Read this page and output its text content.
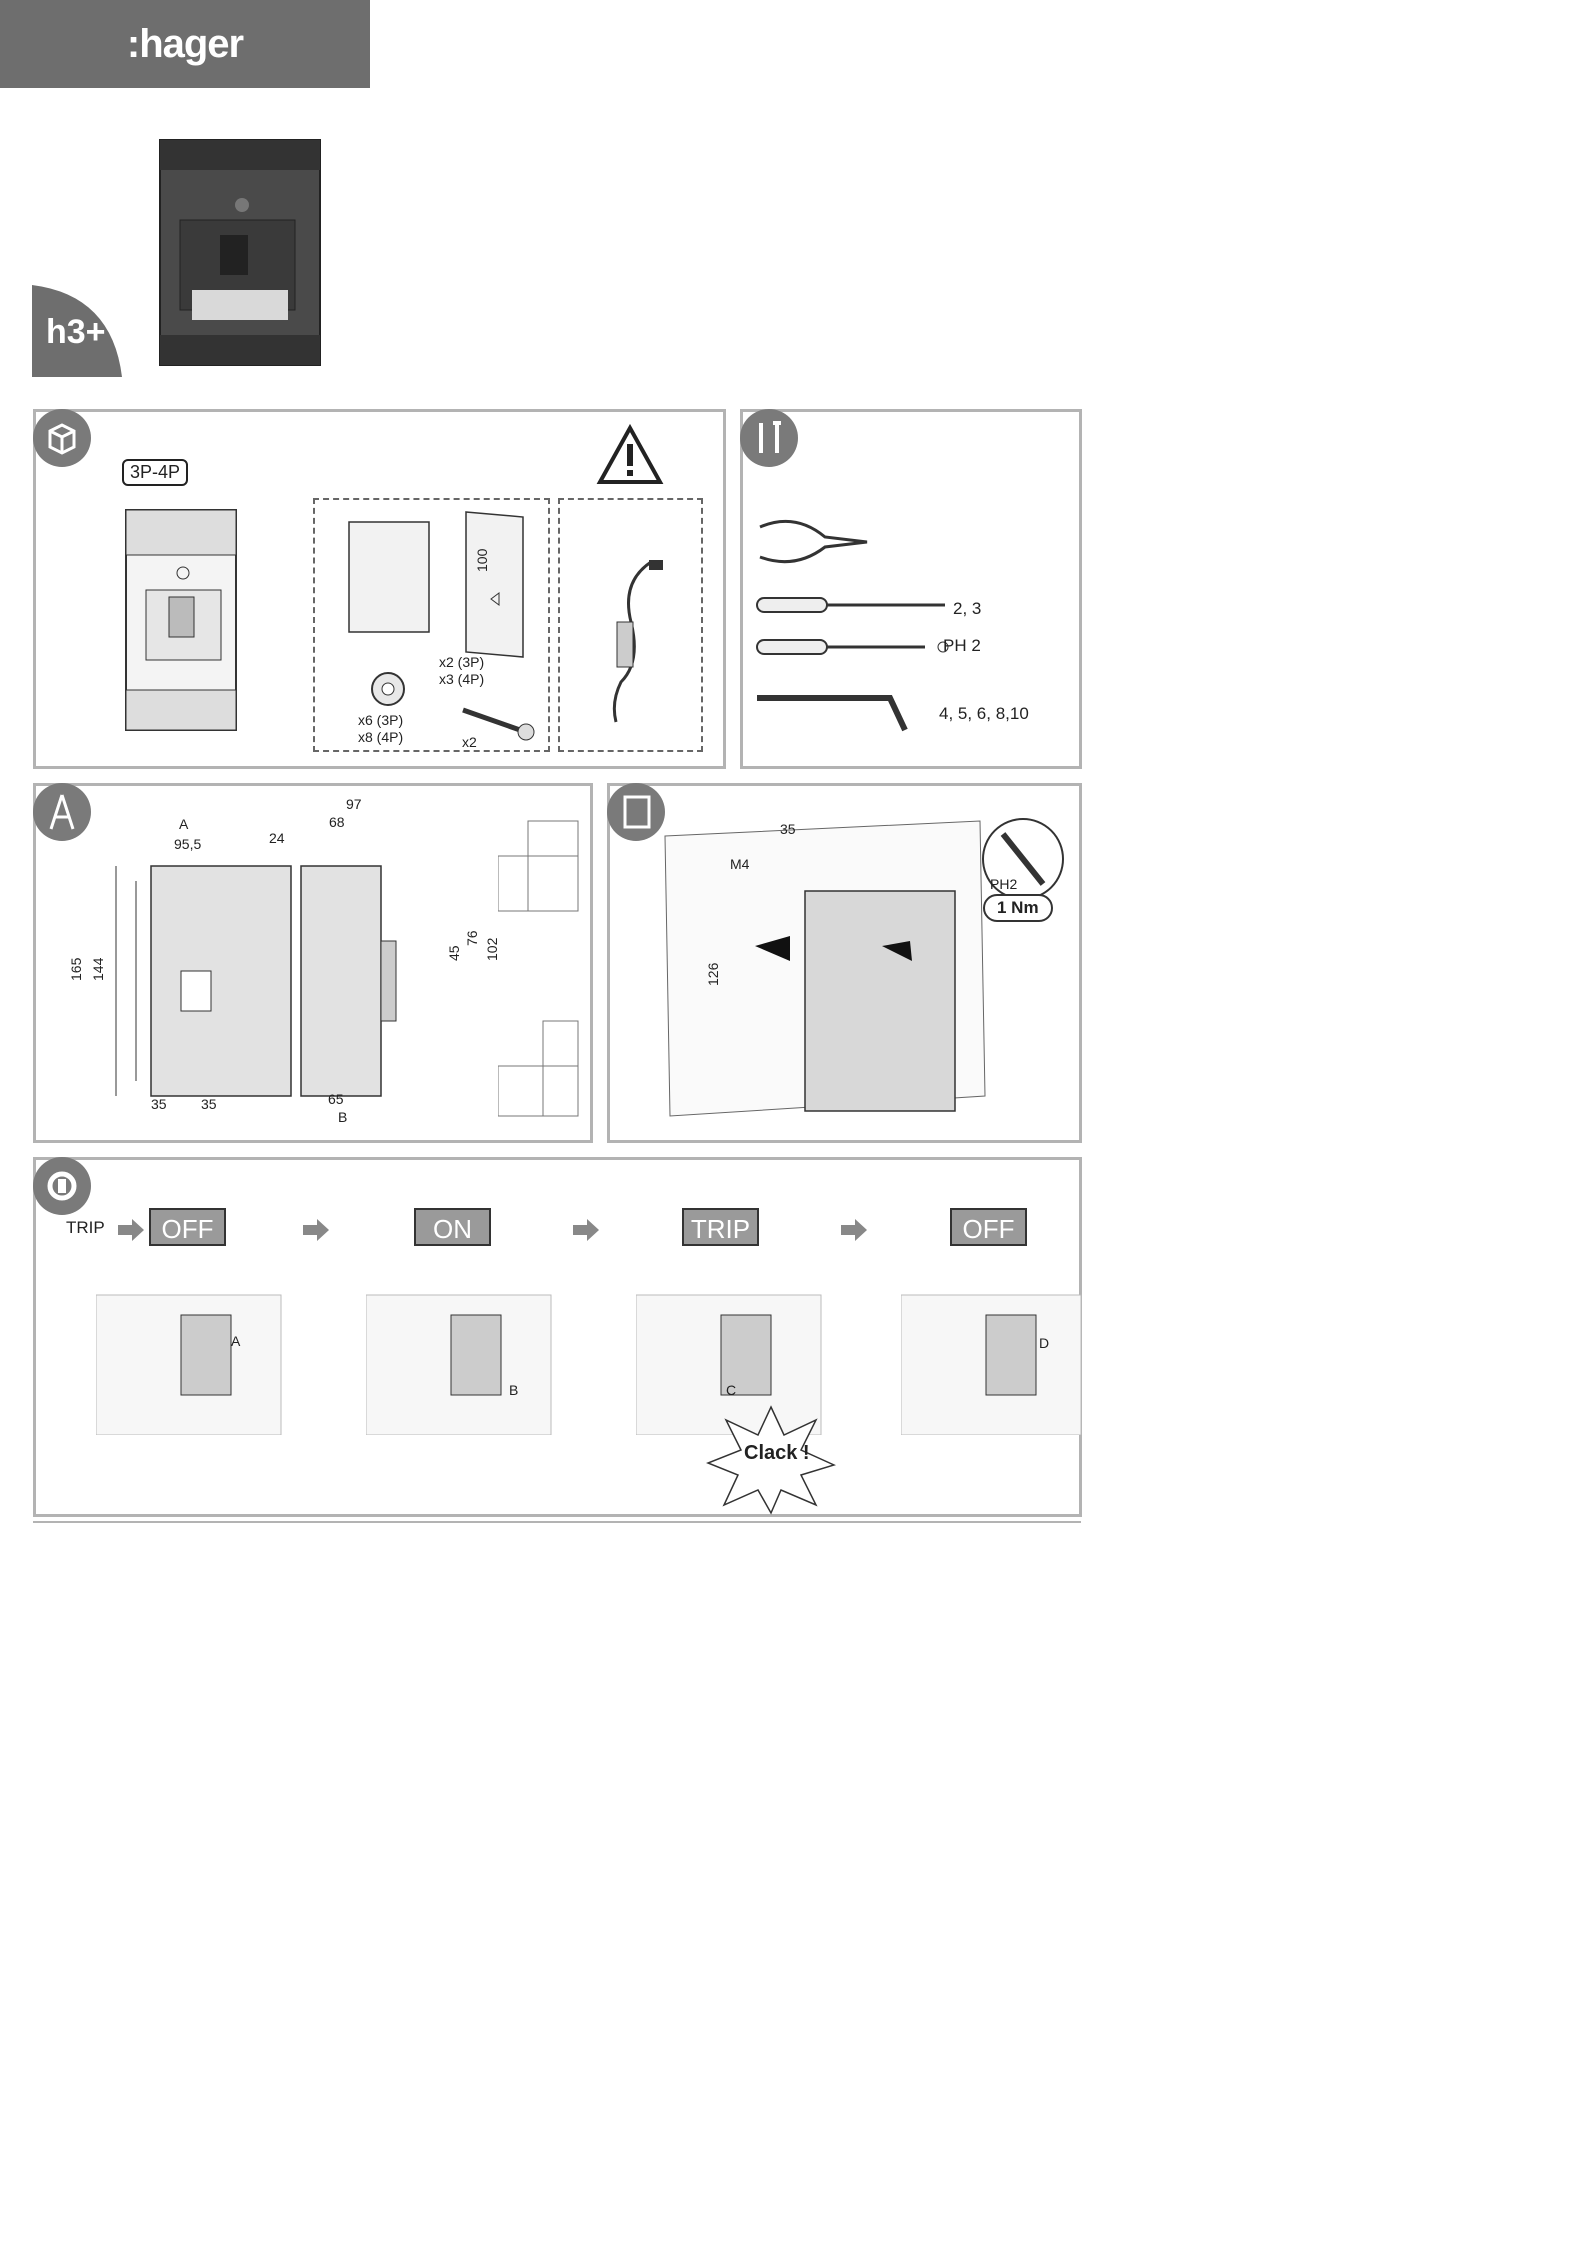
:hager
h3+
3P-4P
100
x2 (3P)
x3 (4P)
x6 (3P)
x8 (4P)	x2
2, 3
PH 2
4, 5, 6, 8,10
A
95,5
165 144
35 35
97
68
24
45
76 102
65
B
35
M4
126
PH2
1 Nm
TRIP	OFF	ON	TRIP	OFF
A
B	C
D
Clack !
